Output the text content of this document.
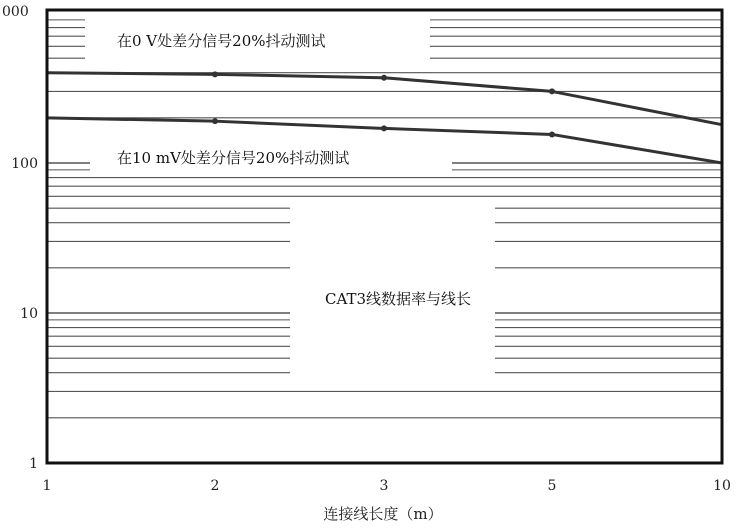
1
10
100
000
1	2	3	5	10
连接线长度（m）
在0 V处差分信号20%抖动测试
在10 mV处差分信号20%抖动测试
CAT3线数据率与线长
